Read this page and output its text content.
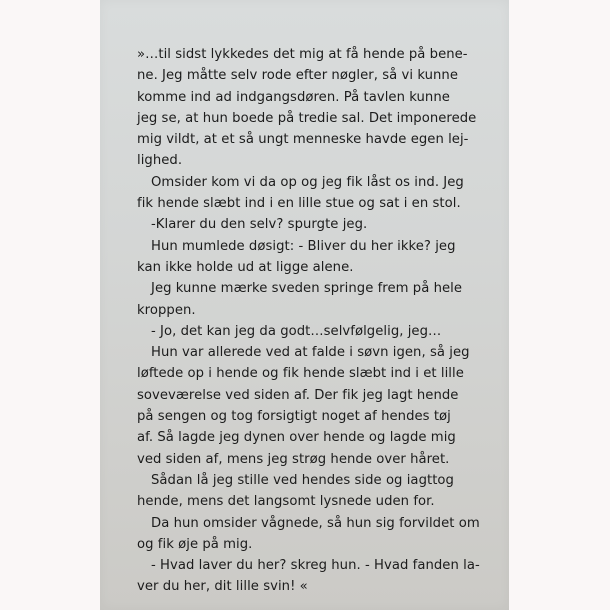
»…til sidst lykkedes det mig at få hende på bene-
ne. Jeg måtte selv rode efter nøgler, så vi kunne
komme ind ad indgangsdøren. På tavlen kunne
jeg se, at hun boede på tredie sal. Det imponerede
mig vildt, at et så ungt menneske havde egen lej-
lighed.
Omsider kom vi da op og jeg fik låst os ind. Jeg
fik hende slæbt ind i en lille stue og sat i en stol.
-Klarer du den selv? spurgte jeg.
Hun mumlede døsigt: - Bliver du her ikke? jeg
kan ikke holde ud at ligge alene.
Jeg kunne mærke sveden springe frem på hele
kroppen.
- Jo, det kan jeg da godt…selvfølgelig, jeg…
Hun var allerede ved at falde i søvn igen, så jeg
løftede op i hende og fik hende slæbt ind i et lille
soveværelse ved siden af. Der fik jeg lagt hende
på sengen og tog forsigtigt noget af hendes tøj
af. Så lagde jeg dynen over hende og lagde mig
ved siden af, mens jeg strøg hende over håret.
Sådan lå jeg stille ved hendes side og iagttog
hende, mens det langsomt lysnede uden for.
Da hun omsider vågnede, så hun sig forvildet om
og fik øje på mig.
- Hvad laver du her? skreg hun. - Hvad fanden la-
ver du her, dit lille svin! «
